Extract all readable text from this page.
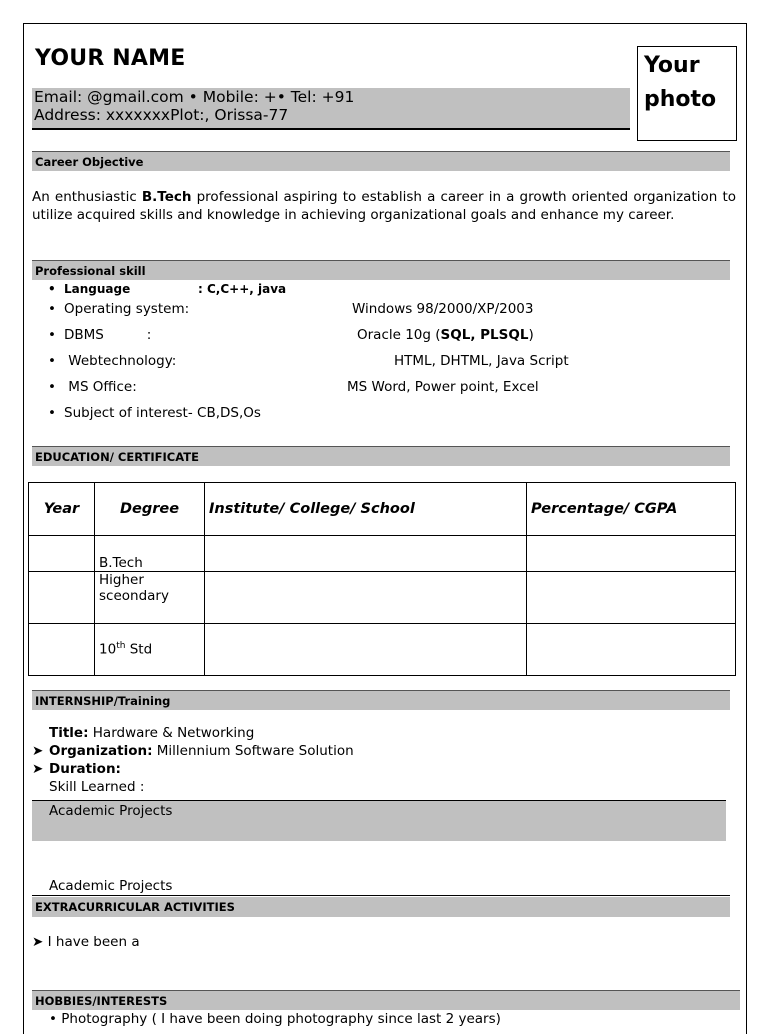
YOUR NAME
Email: @gmail.com • Mobile: +• Tel: +91
Address: xxxxxxxPlot:, Orissa-77
Your
photo
Career Objective
An enthusiastic B.Tech professional aspiring to establish a career in a growth oriented organization to utilize acquired skills and knowledge in achieving organizational goals and enhance my career.
Professional skill
• Language	: C,C++, java
• Operating system:	Windows 98/2000/XP/2003
• DBMS          :	Oracle 10g (SQL, PLSQL)
•  Webtechnology:	HTML, DHTML, Java Script
•  MS Office:	MS Word, Power point, Excel
• Subject of interest- CB,DS,Os
EDUCATION/ CERTIFICATE
Year	Degree	Institute/ College/ School	Percentage/ CGPA
	B.Tech		
	Higher sceondary		
	10th Std		
INTERNSHIP/Training
Title: Hardware & Networking
➤ Organization: Millennium Software Solution
➤ Duration:
Skill Learned :
Academic Projects
Academic Projects
EXTRACURRICULAR ACTIVITIES
➤ I have been a
HOBBIES/INTERESTS
• Photography ( I have been doing photography since last 2 years)
